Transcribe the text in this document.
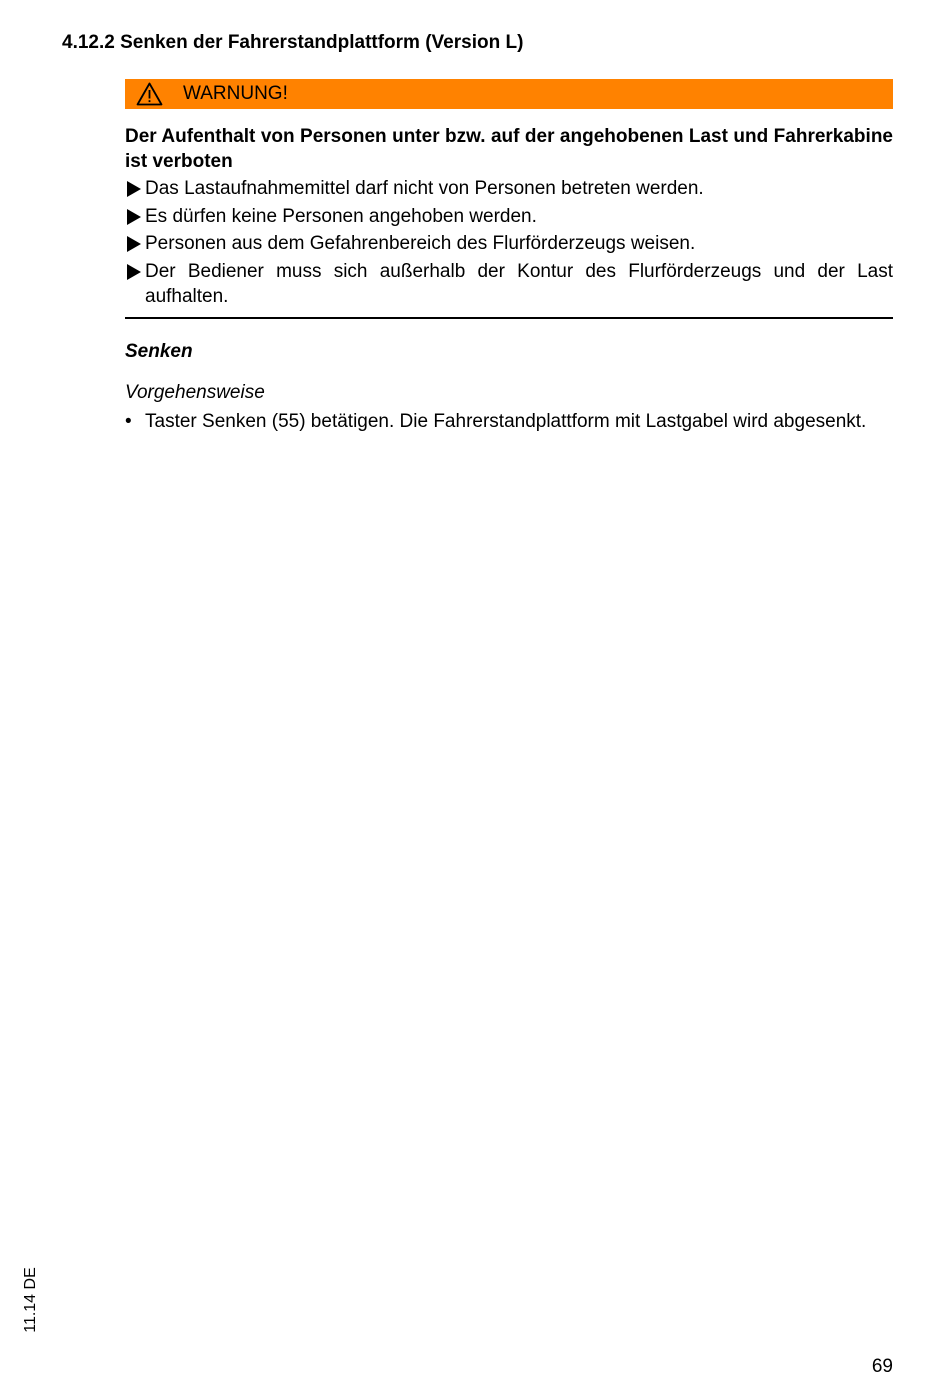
4.12.2 Senken der Fahrerstandplattform (Version L)
WARNUNG!
Der Aufenthalt von Personen unter bzw. auf der angehobenen Last und Fahrerkabine ist verboten
Das Lastaufnahmemittel darf nicht von Personen betreten werden.
Es dürfen keine Personen angehoben werden.
Personen aus dem Gefahrenbereich des Flurförderzeugs weisen.
Der Bediener muss sich außerhalb der Kontur des Flurförderzeugs und der Last aufhalten.
Senken
Vorgehensweise
• Taster Senken (55) betätigen. Die Fahrerstandplattform mit Lastgabel wird abgesenkt.
11.14 DE
69
